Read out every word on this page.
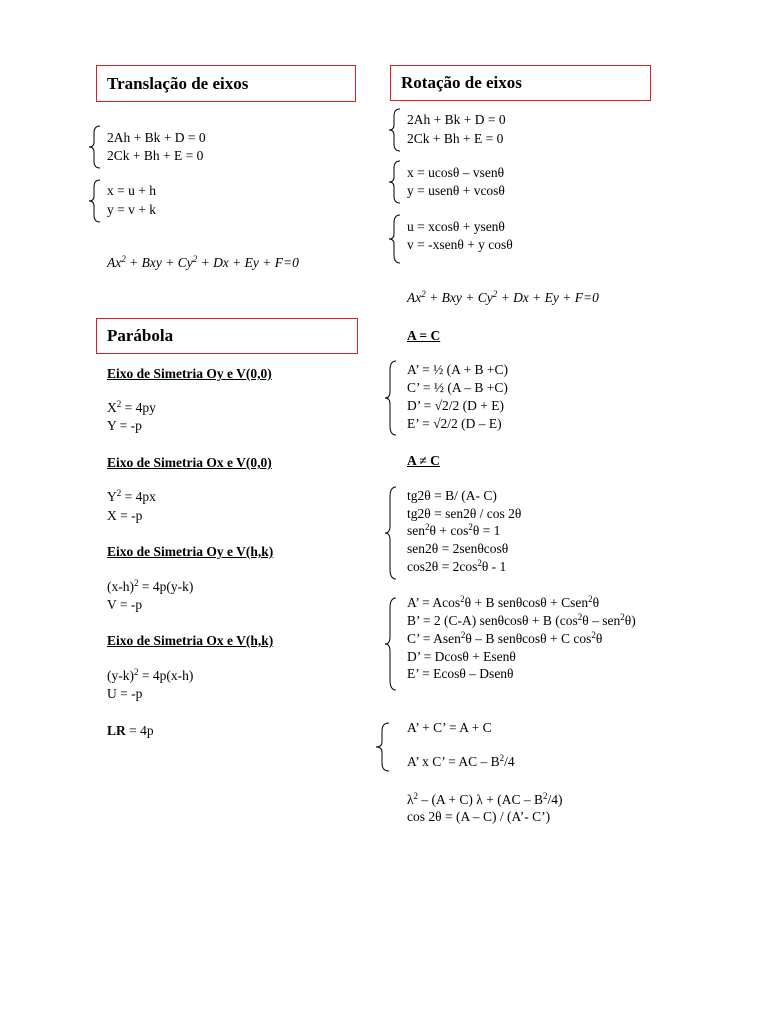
Translação de eixos
2Ah + Bk + D = 0
2Ck + Bh + E = 0
x = u + h
y = v + k
$Ax^2$ + Bxy + $Cy^2 + Dx + Ey + F=0$
Parábola
Eixo de Simetria Oy e V(0,0)
$X^2 = 4py$
Y = -p
Eixo de Simetria Ox e V(0,0)
$Y^2 = 4px$
X = -p
Eixo de Simetria Oy e V(h,k)
$(x-h)^2 = 4p(y-k)$
V = -p
Eixo de Simetria Ox e V(h,k)
$(y-k)^2 = 4p(x-h)$
U = -p
LR = 4p
Rotação de eixos
2Ah + Bk + D = 0
2Ck + Bh + E = 0
x = ucosθ – vsenθ
y = usenθ + vcosθ
u = xcosθ + ysenθ
v = -xsenθ + y cosθ
$Ax^2$ + Bxy + $Cy^2 + Dx + Ey + F=0$
A = C
A’ = ½ (A + B +C)
C’ = ½ (A – B +C)
D’ = √2/2 (D + E)
E’ = √2/2 (D – E)
A ≠ C
tg2θ = B/ (A- C)
tg2θ = sen2θ / cos 2θ
$sen^2\theta + \cos^2\theta = 1$
sen2θ = 2senθcosθ
$\cos 2\theta = 2\cos^2\theta - 1$
A’ = Acos$^2$θ + B senθcosθ + Csen$^2$θ
B’ = 2 (C-A) senθcosθ + B $(\cos^2\theta - sen^2\theta)$
C’ = Asen$^2$θ – B senθcosθ + C $\cos^2\theta$
D’ = Dcosθ + Esenθ
E’ = Ecosθ – Dsenθ
A’ + C’ = A + C
A’ x C’ = AC – $B^2/4$
$\lambda^2 - (A + C) \lambda + (AC - B^2/4)$
cos 2θ = (A – C) / (A’- C’)
